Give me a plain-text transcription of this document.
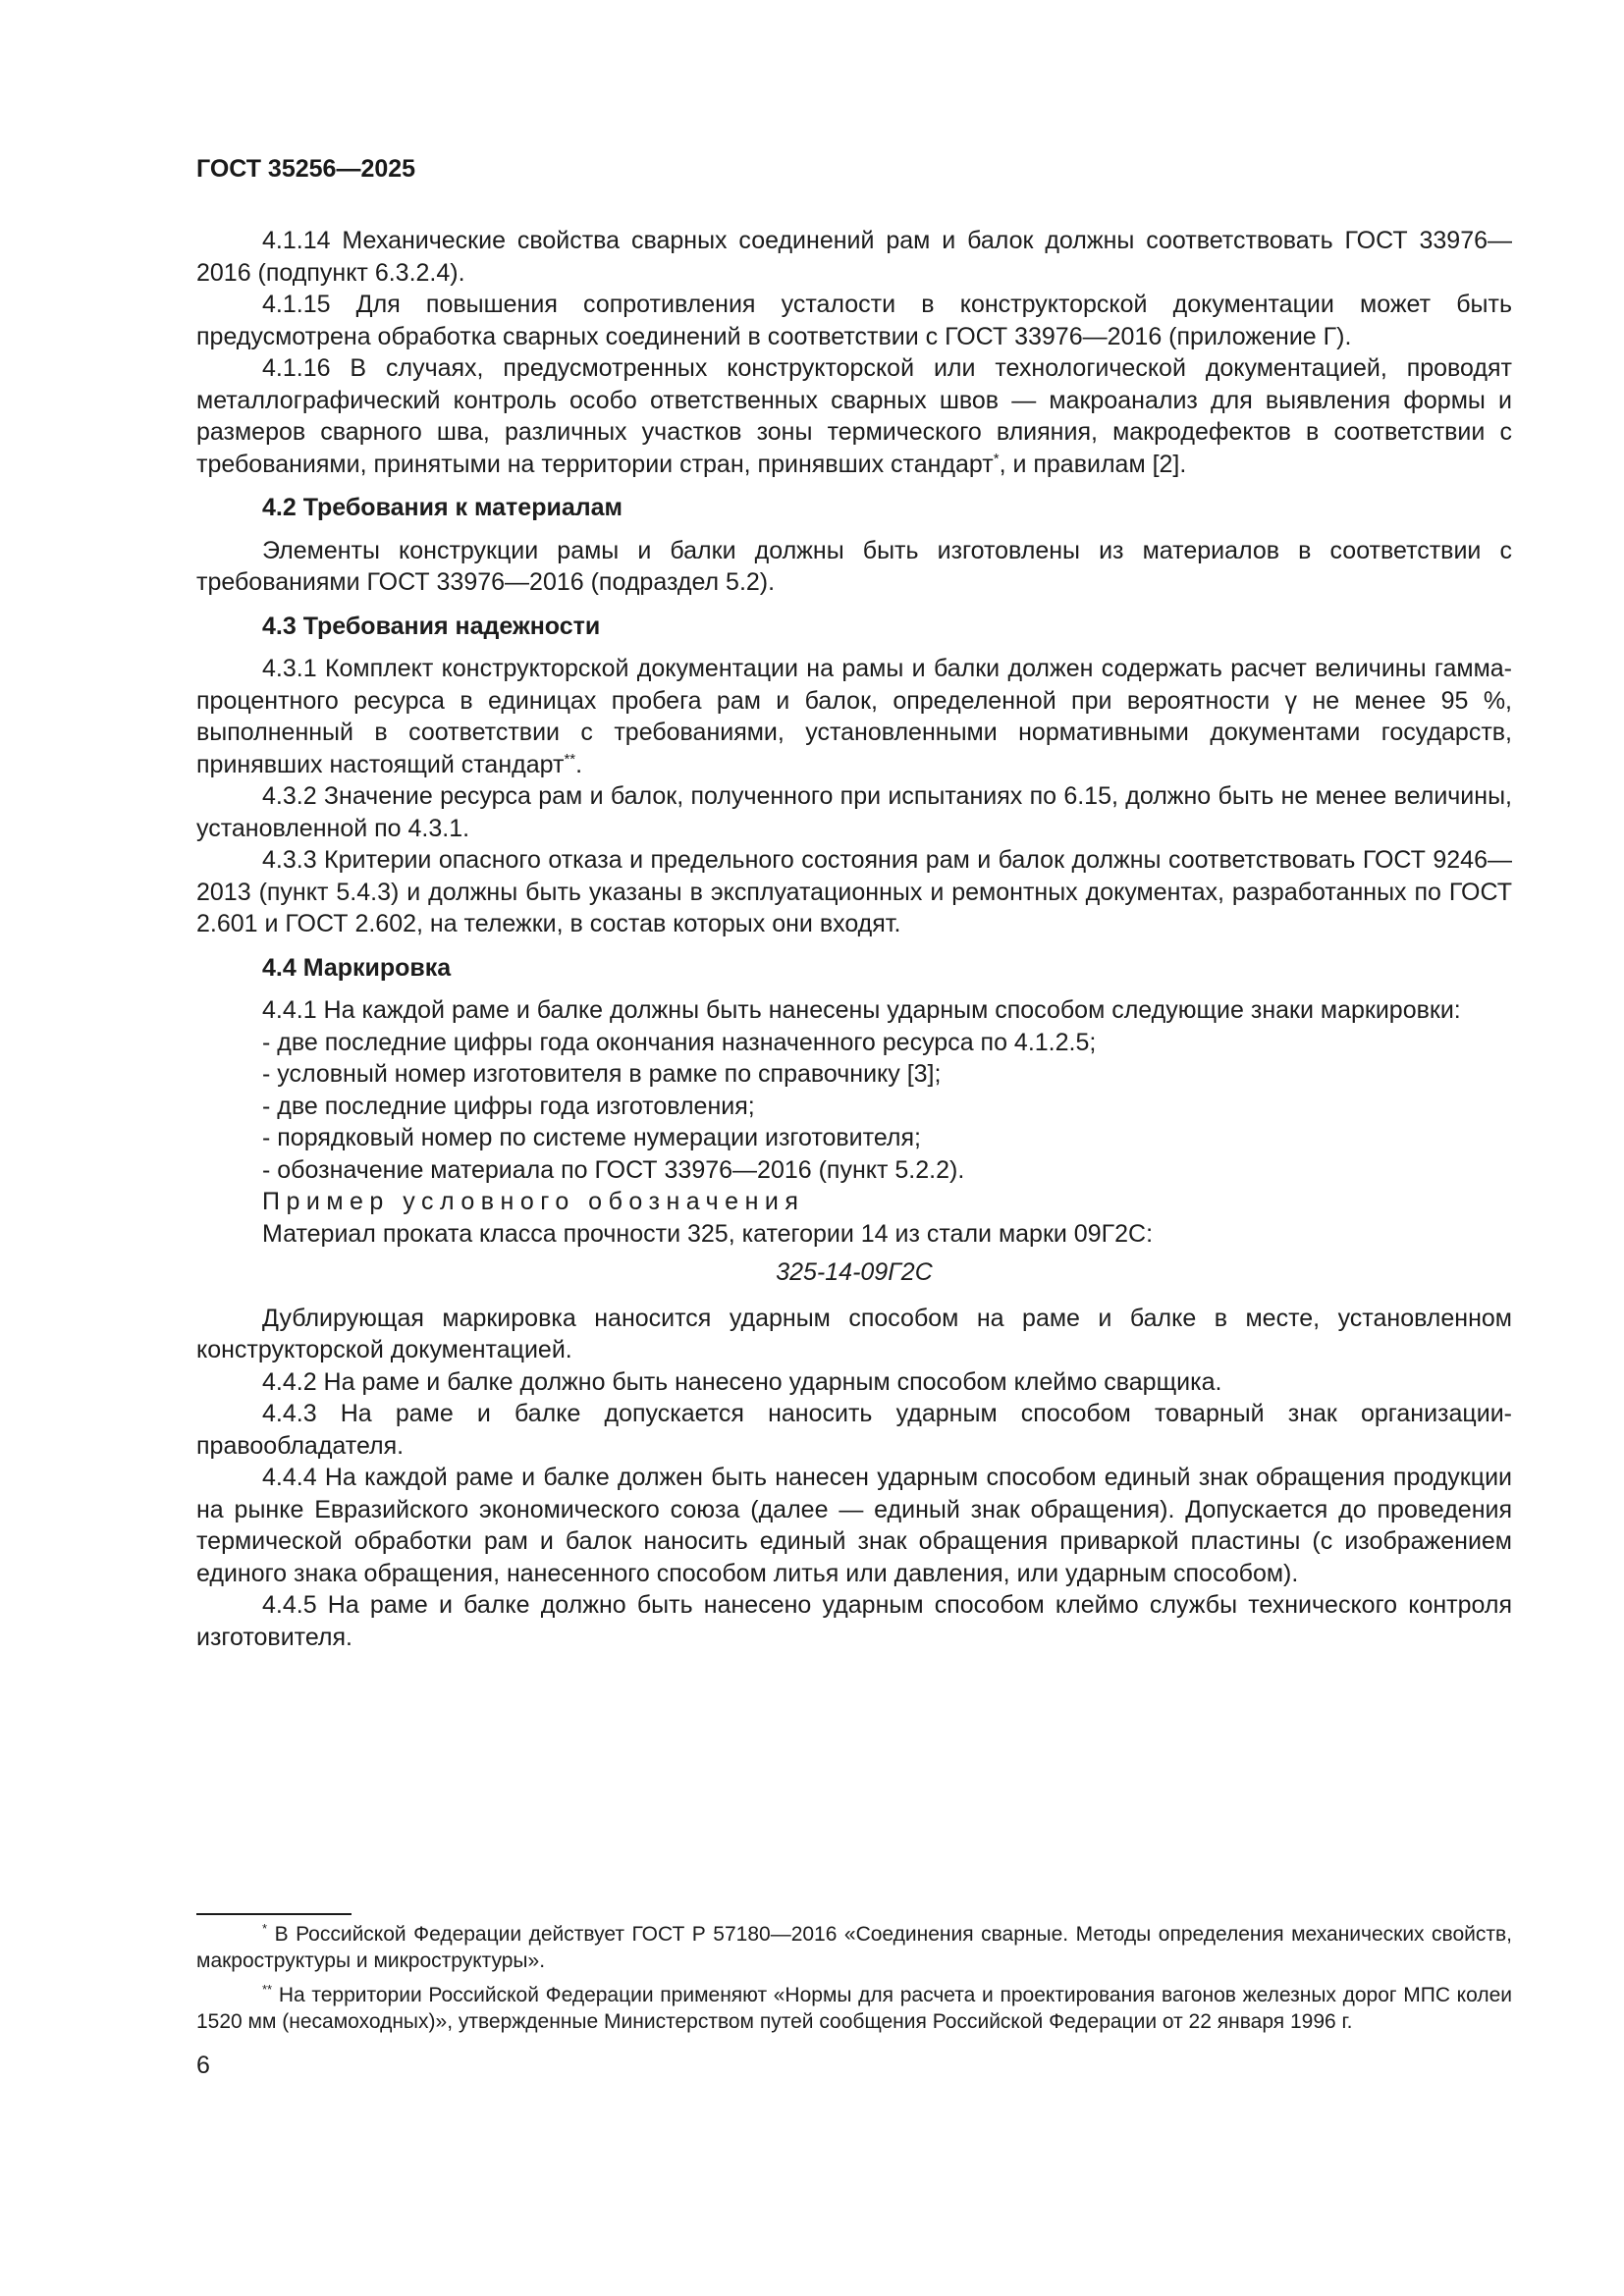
ГОСТ 35256—2025

4.1.14 Механические свойства сварных соединений рам и балок должны соответствовать ГОСТ 33976—2016 (подпункт 6.3.2.4).

4.1.15 Для повышения сопротивления усталости в конструкторской документации может быть предусмотрена обработка сварных соединений в соответствии с ГОСТ 33976—2016 (приложение Г).

4.1.16 В случаях, предусмотренных конструкторской или технологической документацией, проводят металлографический контроль особо ответственных сварных швов — макроанализ для выявления формы и размеров сварного шва, различных участков зоны термического влияния, макродефектов в соответствии с требованиями, принятыми на территории стран, принявших стандарт*, и правилам [2].

4.2 Требования к материалам

Элементы конструкции рамы и балки должны быть изготовлены из материалов в соответствии с требованиями ГОСТ 33976—2016 (подраздел 5.2).

4.3 Требования надежности

4.3.1 Комплект конструкторской документации на рамы и балки должен содержать расчет величины гамма-процентного ресурса в единицах пробега рам и балок, определенной при вероятности γ не менее 95 %, выполненный в соответствии с требованиями, установленными нормативными документами государств, принявших настоящий стандарт**.

4.3.2 Значение ресурса рам и балок, полученного при испытаниях по 6.15, должно быть не менее величины, установленной по 4.3.1.

4.3.3 Критерии опасного отказа и предельного состояния рам и балок должны соответствовать ГОСТ 9246—2013 (пункт 5.4.3) и должны быть указаны в эксплуатационных и ремонтных документах, разработанных по ГОСТ 2.601 и ГОСТ 2.602, на тележки, в состав которых они входят.

4.4 Маркировка

4.4.1 На каждой раме и балке должны быть нанесены ударным способом следующие знаки маркировки:

- две последние цифры года окончания назначенного ресурса по 4.1.2.5;

- условный номер изготовителя в рамке по справочнику [3];

- две последние цифры года изготовления;

- порядковый номер по системе нумерации изготовителя;

- обозначение материала по ГОСТ 33976—2016 (пункт 5.2.2).

Пример условного обозначения

Материал проката класса прочности 325, категории 14 из стали марки 09Г2С:

325-14-09Г2С

Дублирующая маркировка наносится ударным способом на раме и балке в месте, установленном конструкторской документацией.

4.4.2 На раме и балке должно быть нанесено ударным способом клеймо сварщика.

4.4.3 На раме и балке допускается наносить ударным способом товарный знак организации-правообладателя.

4.4.4 На каждой раме и балке должен быть нанесен ударным способом единый знак обращения продукции на рынке Евразийского экономического союза (далее — единый знак обращения). Допускается до проведения термической обработки рам и балок наносить единый знак обращения приваркой пластины (с изображением единого знака обращения, нанесенного способом литья или давления, или ударным способом).

4.4.5 На раме и балке должно быть нанесено ударным способом клеймо службы технического контроля изготовителя.

* В Российской Федерации действует ГОСТ Р 57180—2016 «Соединения сварные. Методы определения механических свойств, макроструктуры и микроструктуры».

** На территории Российской Федерации применяют «Нормы для расчета и проектирования вагонов железных дорог МПС колеи 1520 мм (несамоходных)», утвержденные Министерством путей сообщения Российской Федерации от 22 января 1996 г.

6
